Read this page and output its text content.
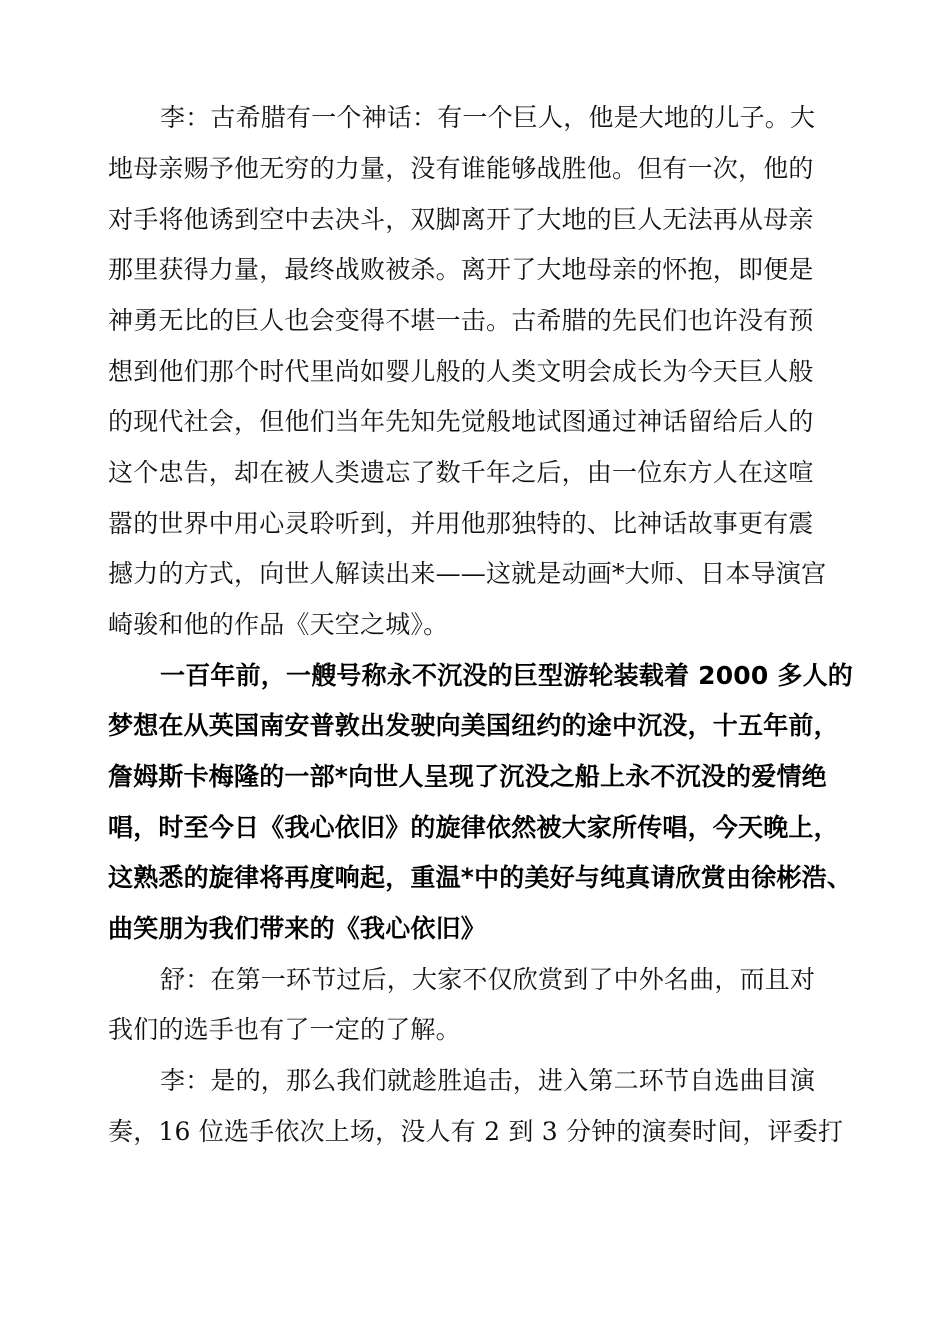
李：古希腊有一个神话：有一个巨人，他是大地的儿子。大
地母亲赐予他无穷的力量，没有谁能够战胜他。但有一次，他的
对手将他诱到空中去决斗，双脚离开了大地的巨人无法再从母亲
那里获得力量，最终战败被杀。离开了大地母亲的怀抱，即便是
神勇无比的巨人也会变得不堪一击。古希腊的先民们也许没有预
想到他们那个时代里尚如婴儿般的人类文明会成长为今天巨人般
的现代社会，但他们当年先知先觉般地试图通过神话留给后人的
这个忠告，却在被人类遗忘了数千年之后，由一位东方人在这喧
嚣的世界中用心灵聆听到，并用他那独特的、比神话故事更有震
撼力的方式，向世人解读出来——这就是动画*大师、日本导演宫
崎骏和他的作品《天空之城》。
一百年前，一艘号称永不沉没的巨型游轮装载着 2000 多人的
梦想在从英国南安普敦出发驶向美国纽约的途中沉没，十五年前，
詹姆斯卡梅隆的一部*向世人呈现了沉没之船上永不沉没的爱情绝
唱，时至今日《我心依旧》的旋律依然被大家所传唱，今天晚上，
这熟悉的旋律将再度响起，重温*中的美好与纯真请欣赏由徐彬浩、
曲笑朋为我们带来的《我心依旧》
舒：在第一环节过后，大家不仅欣赏到了中外名曲，而且对
我们的选手也有了一定的了解。
李：是的，那么我们就趁胜追击，进入第二环节自选曲目演
奏，16 位选手依次上场，没人有 2 到 3 分钟的演奏时间，评委打
